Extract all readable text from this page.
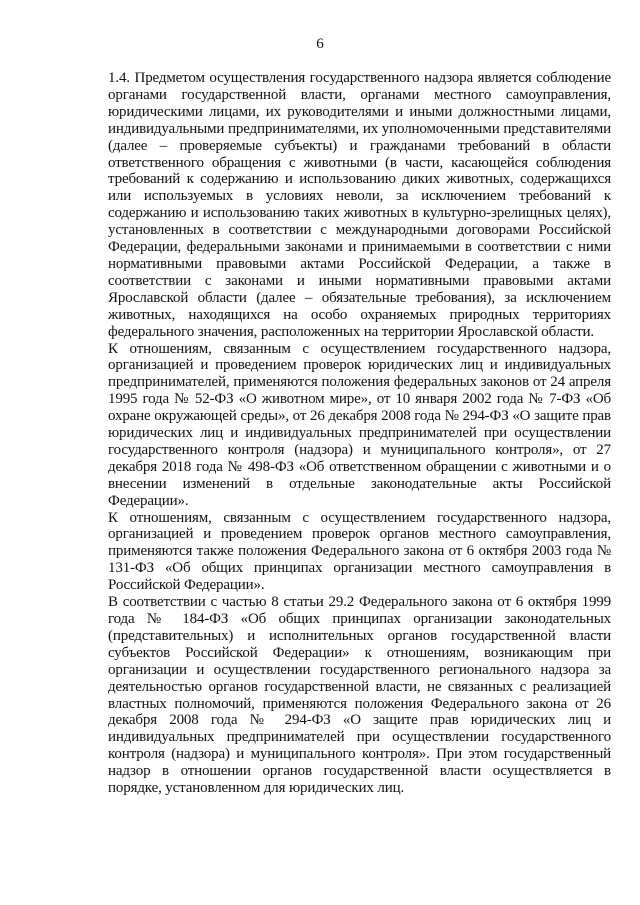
6

1.4. Предметом осуществления государственного надзора является соблюдение органами государственной власти, органами местного самоуправления, юридическими лицами, их руководителями и иными должностными лицами, индивидуальными предпринимателями, их уполномоченными представителями (далее – проверяемые субъекты) и гражданами требований в области ответственного обращения с животными (в части, касающейся соблюдения требований к содержанию и использованию диких животных, содержащихся или используемых в условиях неволи, за исключением требований к содержанию и использованию таких животных в культурно-зрелищных целях), установленных в соответствии с международными договорами Российской Федерации, федеральными законами и принимаемыми в соответствии с ними нормативными правовыми актами Российской Федерации, а также в соответствии с законами и иными нормативными правовыми актами Ярославской области (далее – обязательные требования), за исключением животных, находящихся на особо охраняемых природных территориях федерального значения, расположенных на территории Ярославской области.

К отношениям, связанным с осуществлением государственного надзора, организацией и проведением проверок юридических лиц и индивидуальных предпринимателей, применяются положения федеральных законов от 24 апреля 1995 года № 52-ФЗ «О животном мире», от 10 января 2002 года № 7-ФЗ «Об охране окружающей среды», от 26 декабря 2008 года № 294-ФЗ «О защите прав юридических лиц и индивидуальных предпринимателей при осуществлении государственного контроля (надзора) и муниципального контроля», от 27 декабря 2018 года № 498-ФЗ «Об ответственном обращении с животными и о внесении изменений в отдельные законодательные акты Российской Федерации».

К отношениям, связанным с осуществлением государственного надзора, организацией и проведением проверок органов местного самоуправления, применяются также положения Федерального закона от 6 октября 2003 года № 131-ФЗ «Об общих принципах организации местного самоуправления в Российской Федерации».

В соответствии с частью 8 статьи 29.2 Федерального закона от 6 октября 1999 года № 184-ФЗ «Об общих принципах организации законодательных (представительных) и исполнительных органов государственной власти субъектов Российской Федерации» к отношениям, возникающим при организации и осуществлении государственного регионального надзора за деятельностью органов государственной власти, не связанных с реализацией властных полномочий, применяются положения Федерального закона от 26 декабря 2008 года № 294-ФЗ «О защите прав юридических лиц и индивидуальных предпринимателей при осуществлении государственного контроля (надзора) и муниципального контроля». При этом государственный надзор в отношении органов государственной власти осуществляется в порядке, установленном для юридических лиц.
